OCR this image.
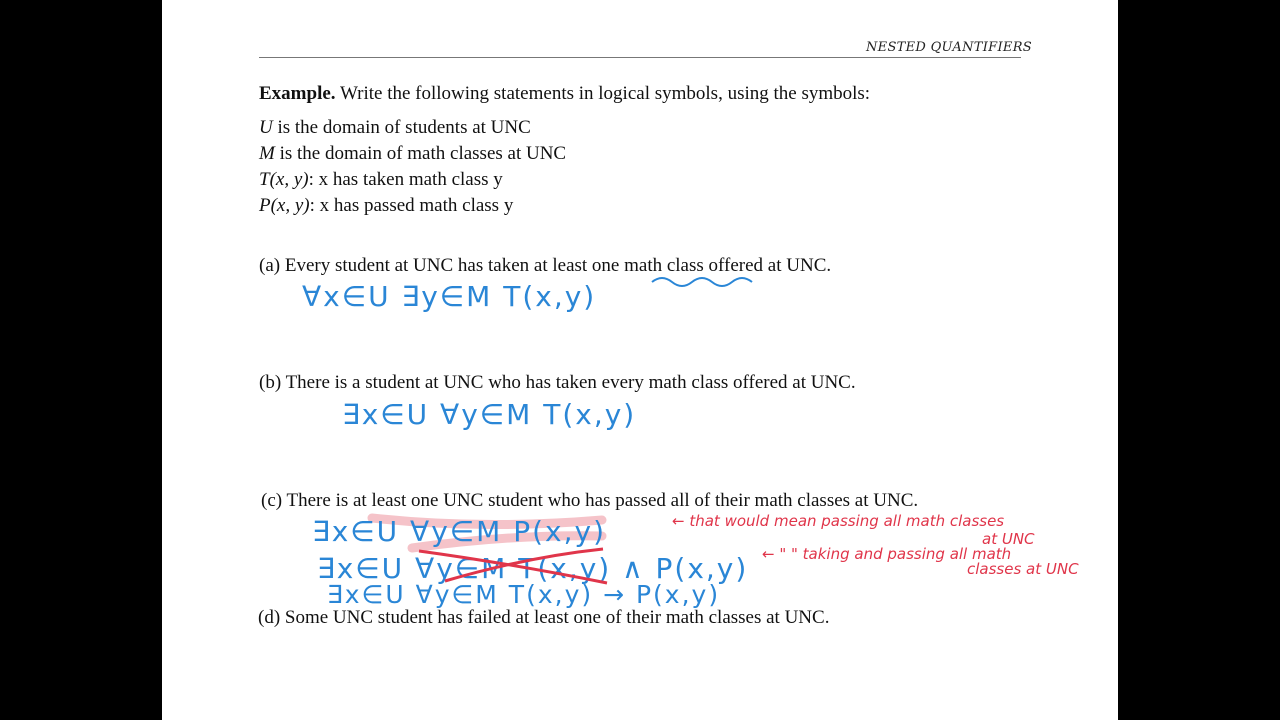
NESTED QUANTIFIERS
Example. Write the following statements in logical symbols, using the symbols:
U is the domain of students at UNC
M is the domain of math classes at UNC
T(x, y): x has taken math class y
P(x, y): x has passed math class y
(a) Every student at UNC has taken at least one math class offered at UNC.
∀x∈U ∃y∈M T(x,y)
(b) There is a student at UNC who has taken every math class offered at UNC.
∃x∈U ∀y∈M T(x,y)
(c) There is at least one UNC student who has passed all of their math classes at UNC.
∃x∈U ∀y∈M P(x,y)
∃x∈U ∀y∈M T(x,y) ∧ P(x,y)
∃x∈U ∀y∈M T(x,y) → P(x,y)
← that would mean passing all math classes
at UNC
← " " taking and passing all math
classes at UNC
(d) Some UNC student has failed at least one of their math classes at UNC.
